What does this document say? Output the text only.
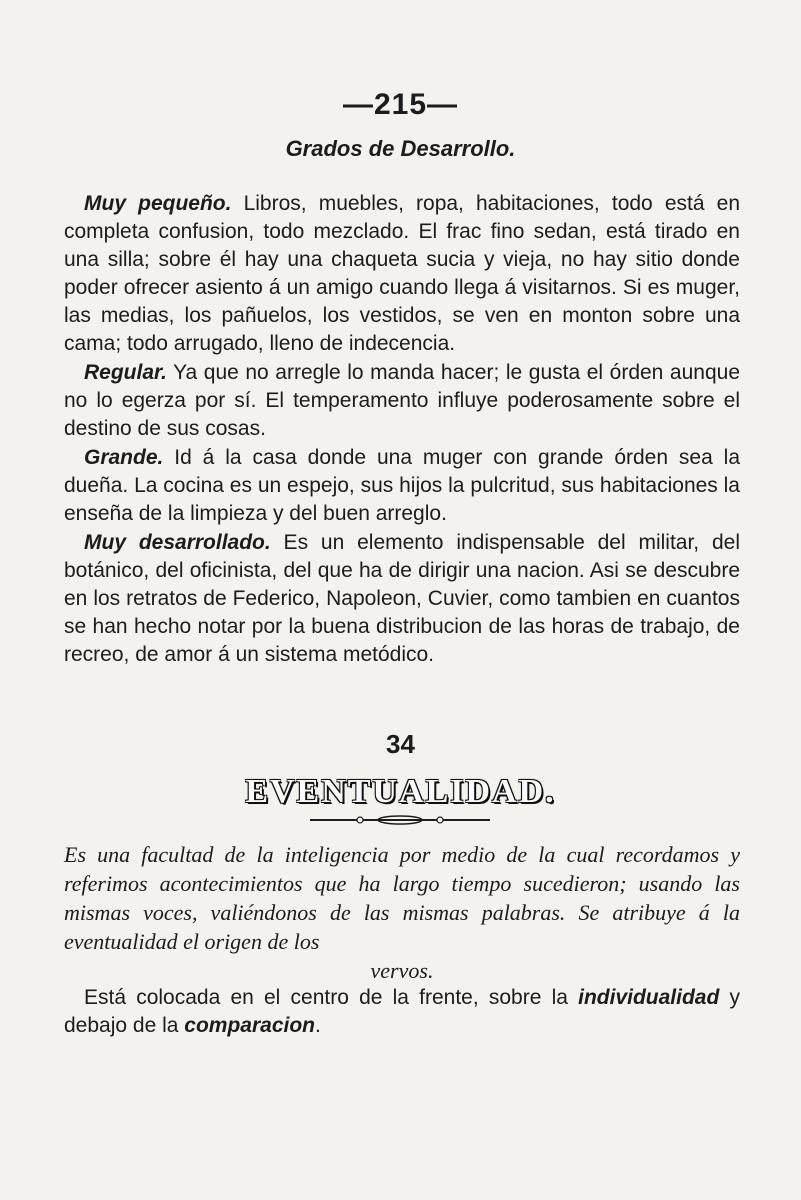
—215—
Grados de Desarrollo.

Muy pequeño. Libros, muebles, ropa, habitaciones, todo está en completa confusion, todo mezclado. El frac fino sedan, está tirado en una silla; sobre él hay una chaqueta sucia y vieja, no hay sitio donde poder ofrecer asiento á un amigo cuando llega á visitarnos. Si es muger, las medias, los pañuelos, los vestidos, se ven en monton sobre una cama; todo arrugado, lleno de indecencia.

Regular. Ya que no arregle lo manda hacer; le gusta el órden aunque no lo egerza por sí. El temperamento influye poderosamente sobre el destino de sus cosas.

Grande. Id á la casa donde una muger con grande órden sea la dueña. La cocina es un espejo, sus hijos la pulcritud, sus habitaciones la enseña de la limpieza y del buen arreglo.

Muy desarrollado. Es un elemento indispensable del militar, del botánico, del oficinista, del que ha de dirigir una nacion. Asi se descubre en los retratos de Federico, Napoleon, Cuvier, como tambien en cuantos se han hecho notar por la buena distribucion de las horas de trabajo, de recreo, de amor á un sistema metódico.

34
EVENTUALIDAD.
Es una facultad de la inteligencia por medio de la cual recordamos y referimos acontecimientos que ha largo tiempo sucedieron; usando las mismas voces, valiéndonos de las mismas palabras. Se atribuye á la eventualidad el origen de los
vervos.

Está colocada en el centro de la frente, sobre la individualidad y debajo de la comparacion.
